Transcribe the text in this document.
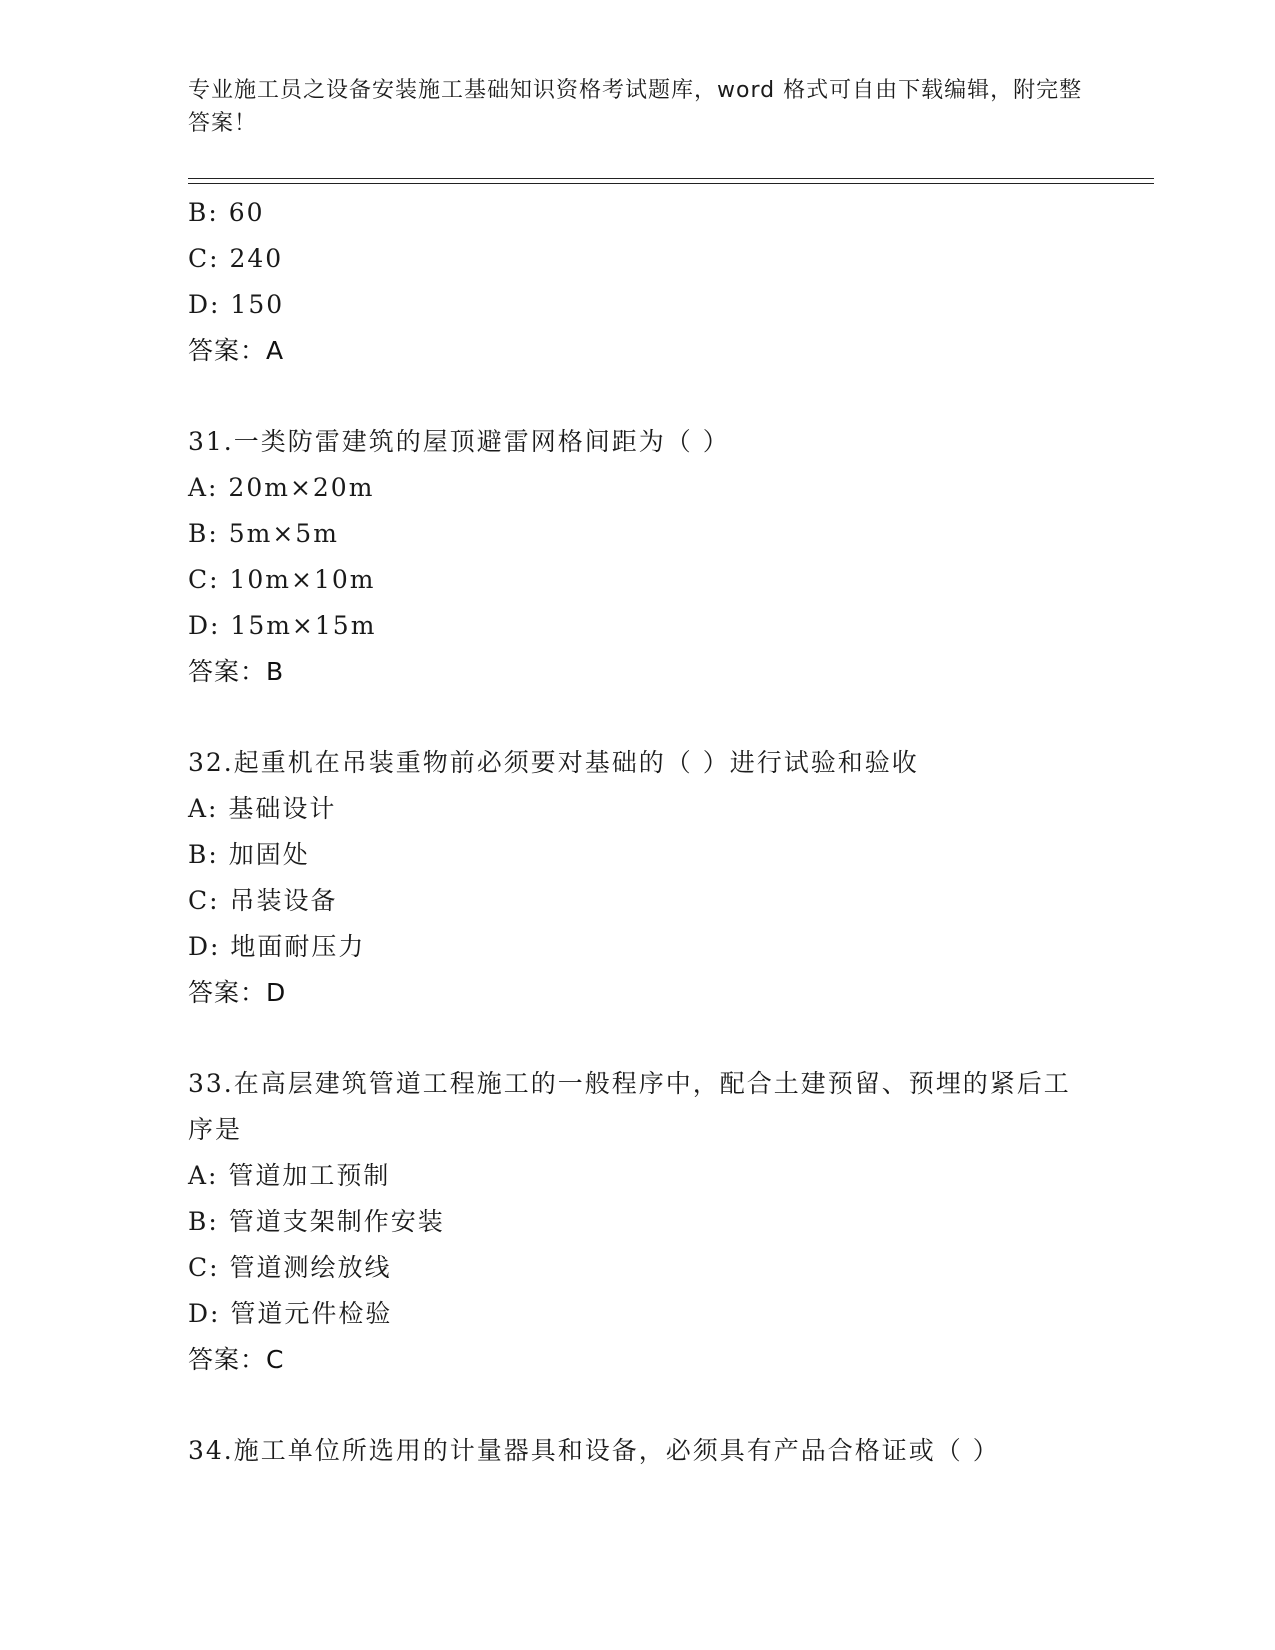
专业施工员之设备安装施工基础知识资格考试题库，word 格式可自由下载编辑，附完整答案！
B: 60
C: 240
D: 150
答案：A
31.一类防雷建筑的屋顶避雷网格间距为（ ）
A: 20m×20m
B: 5m×5m
C: 10m×10m
D: 15m×15m
答案：B
32.起重机在吊装重物前必须要对基础的（ ）进行试验和验收
A: 基础设计
B: 加固处
C: 吊装设备
D: 地面耐压力
答案：D
33.在高层建筑管道工程施工的一般程序中，配合土建预留、预埋的紧后工序是
A: 管道加工预制
B: 管道支架制作安装
C: 管道测绘放线
D: 管道元件检验
答案：C
34.施工单位所选用的计量器具和设备，必须具有产品合格证或（ ）
